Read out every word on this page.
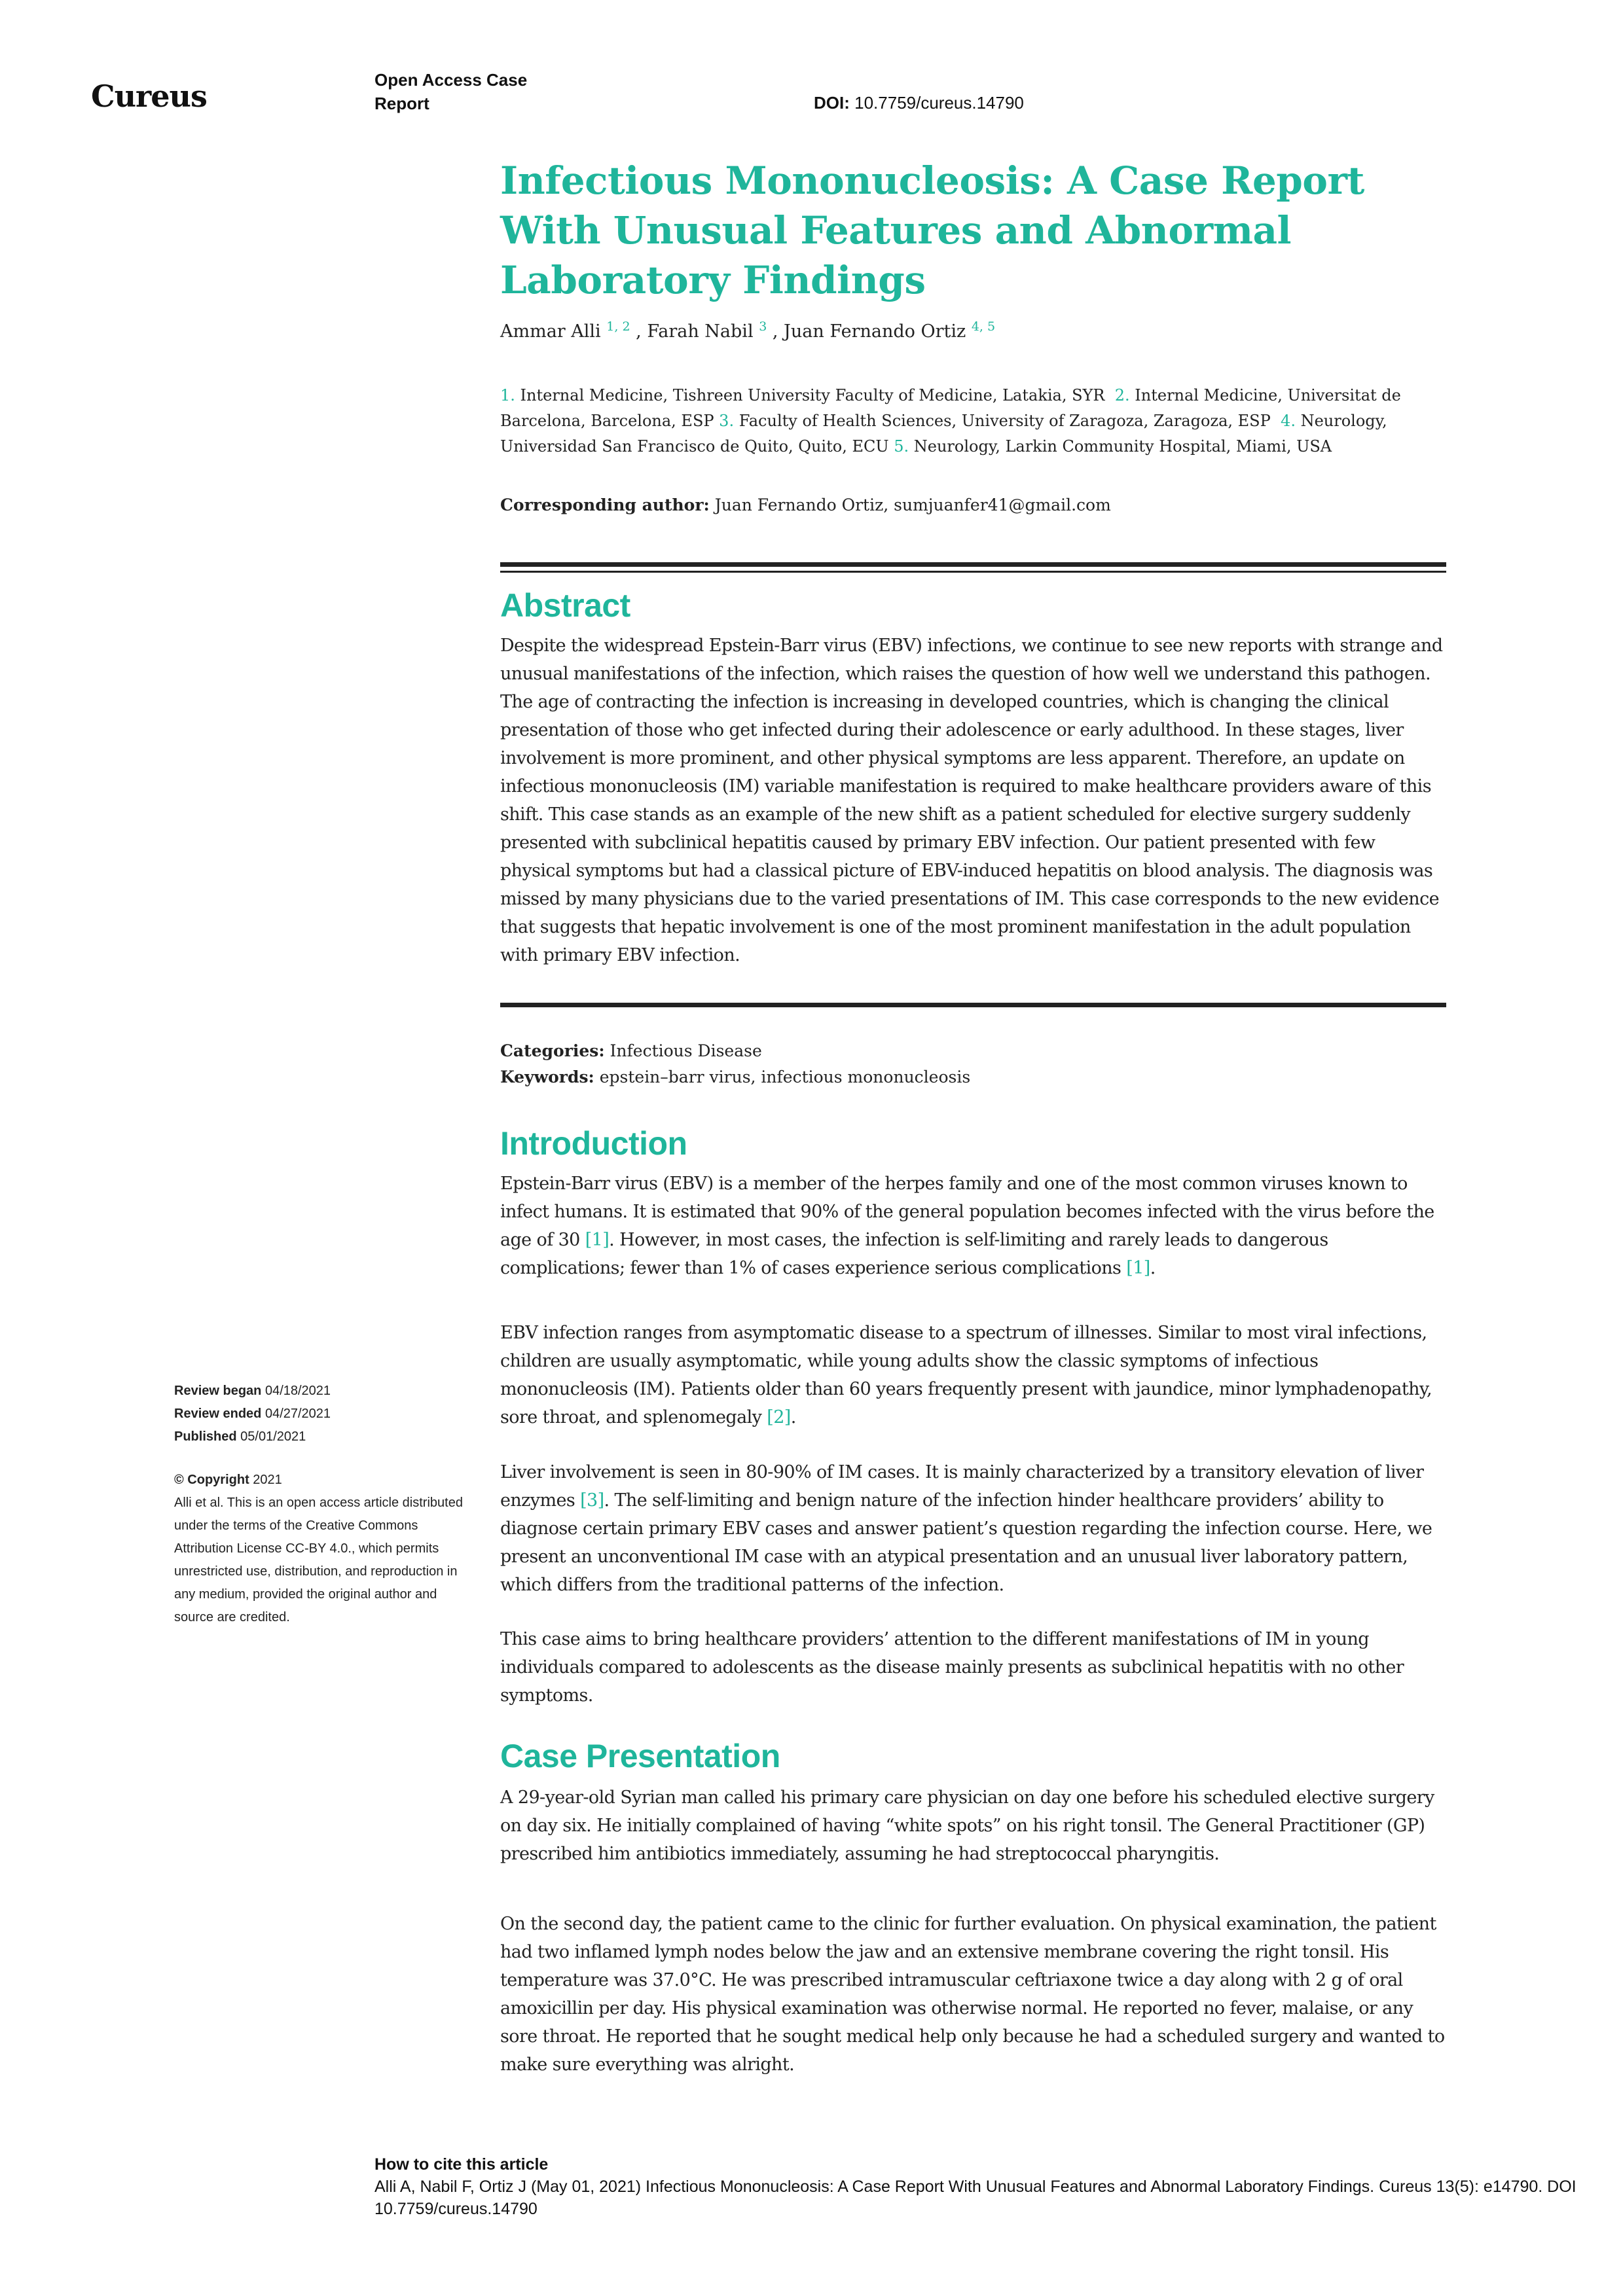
Cureus	Open Access Case
Report	DOI: 10.7759/cureus.14790
Infectious Mononucleosis: A Case Report With Unusual Features and Abnormal Laboratory Findings
Ammar Alli $^{1, 2}$ , Farah Nabil $^3$ , Juan Fernando Ortiz $^{4, 5}$
1. Internal Medicine, Tishreen University Faculty of Medicine, Latakia, SYR 2. Internal Medicine, Universitat de Barcelona, Barcelona, ESP 3. Faculty of Health Sciences, University of Zaragoza, Zaragoza, ESP 4. Neurology, Universidad San Francisco de Quito, Quito, ECU 5. Neurology, Larkin Community Hospital, Miami, USA
Corresponding author: Juan Fernando Ortiz, sumjuanfer41@gmail.com
Abstract
Despite the widespread Epstein-Barr virus (EBV) infections, we continue to see new reports with strange and unusual manifestations of the infection, which raises the question of how well we understand this pathogen. The age of contracting the infection is increasing in developed countries, which is changing the clinical presentation of those who get infected during their adolescence or early adulthood. In these stages, liver involvement is more prominent, and other physical symptoms are less apparent. Therefore, an update on infectious mononucleosis (IM) variable manifestation is required to make healthcare providers aware of this shift. This case stands as an example of the new shift as a patient scheduled for elective surgery suddenly presented with subclinical hepatitis caused by primary EBV infection. Our patient presented with few physical symptoms but had a classical picture of EBV-induced hepatitis on blood analysis. The diagnosis was missed by many physicians due to the varied presentations of IM. This case corresponds to the new evidence that suggests that hepatic involvement is one of the most prominent manifestation in the adult population with primary EBV infection.
Categories: Infectious Disease
Keywords: epstein–barr virus, infectious mononucleosis
Introduction
Epstein-Barr virus (EBV) is a member of the herpes family and one of the most common viruses known to infect humans. It is estimated that 90% of the general population becomes infected with the virus before the age of 30 [1]. However, in most cases, the infection is self-limiting and rarely leads to dangerous complications; fewer than 1% of cases experience serious complications [1].
EBV infection ranges from asymptomatic disease to a spectrum of illnesses. Similar to most viral infections, children are usually asymptomatic, while young adults show the classic symptoms of infectious mononucleosis (IM). Patients older than 60 years frequently present with jaundice, minor lymphadenopathy, sore throat, and splenomegaly [2].
Liver involvement is seen in 80-90% of IM cases. It is mainly characterized by a transitory elevation of liver enzymes [3]. The self-limiting and benign nature of the infection hinder healthcare providers’ ability to diagnose certain primary EBV cases and answer patient’s question regarding the infection course. Here, we present an unconventional IM case with an atypical presentation and an unusual liver laboratory pattern, which differs from the traditional patterns of the infection.
This case aims to bring healthcare providers’ attention to the different manifestations of IM in young individuals compared to adolescents as the disease mainly presents as subclinical hepatitis with no other symptoms.
Case Presentation
A 29-year-old Syrian man called his primary care physician on day one before his scheduled elective surgery on day six. He initially complained of having “white spots” on his right tonsil. The General Practitioner (GP) prescribed him antibiotics immediately, assuming he had streptococcal pharyngitis.
On the second day, the patient came to the clinic for further evaluation. On physical examination, the patient had two inflamed lymph nodes below the jaw and an extensive membrane covering the right tonsil. His temperature was 37.0°C. He was prescribed intramuscular ceftriaxone twice a day along with 2 g of oral amoxicillin per day. His physical examination was otherwise normal. He reported no fever, malaise, or any sore throat. He reported that he sought medical help only because he had a scheduled surgery and wanted to make sure everything was alright.
Review began 04/18/2021
Review ended 04/27/2021
Published 05/01/2021
© Copyright 2021
Alli et al. This is an open access article distributed under the terms of the Creative Commons Attribution License CC-BY 4.0., which permits unrestricted use, distribution, and reproduction in any medium, provided the original author and source are credited.
How to cite this article
Alli A, Nabil F, Ortiz J (May 01, 2021) Infectious Mononucleosis: A Case Report With Unusual Features and Abnormal Laboratory Findings. Cureus 13(5): e14790. DOI 10.7759/cureus.14790
